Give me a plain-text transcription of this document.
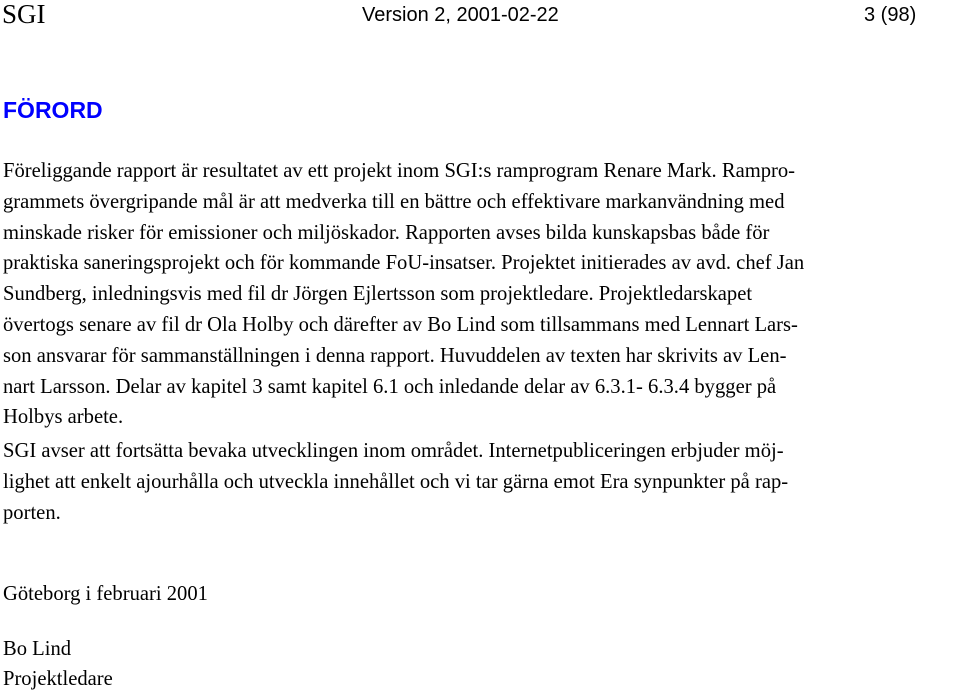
SGI	Version 2, 2001-02-22	3 (98)
FÖRORD

Föreliggande rapport är resultatet av ett projekt inom SGI:s ramprogram Renare Mark. Rampro-
grammets övergripande mål är att medverka till en bättre och effektivare markanvändning med
minskade risker för emissioner och miljöskador. Rapporten avses bilda kunskapsbas både för
praktiska saneringsprojekt och för kommande FoU-insatser. Projektet initierades av avd. chef Jan
Sundberg, inledningsvis med fil dr Jörgen Ejlertsson som projektledare. Projektledarskapet
övertogs senare av fil dr Ola Holby och därefter av Bo Lind som tillsammans med Lennart Lars-
son ansvarar för sammanställningen i denna rapport. Huvuddelen av texten har skrivits av Len-
nart Larsson. Delar av kapitel 3 samt kapitel 6.1 och inledande delar av 6.3.1- 6.3.4 bygger på
Holbys arbete.

SGI avser att fortsätta bevaka utvecklingen inom området. Internetpubliceringen erbjuder möj-
lighet att enkelt ajourhålla och utveckla innehållet och vi tar gärna emot Era synpunkter på rap-
porten.

Göteborg i februari 2001

Bo Lind
Projektledare
